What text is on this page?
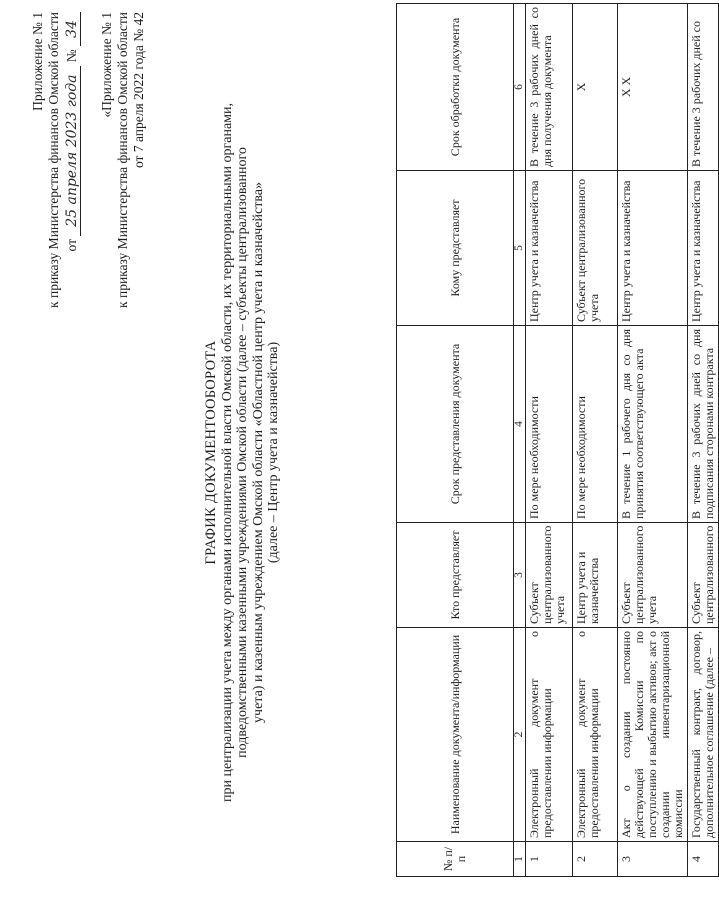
Приложение № 1 к приказу Министерства финансов Омской области от 25 апреля 2023 года № 34 «Приложение № 1 к приказу Министерства финансов Омской области от 7 апреля 2022 года № 42
ГРАФИК ДОКУМЕНТООБОРОТА при централизации учета между органами исполнительной власти Омской области, их территориальными органами, подведомственными казенными учреждениями Омской области (далее – субъекты централизованного учета) и казенным учреждением Омской области «Областной центр учета и казначейства» (далее – Центр учета и казначейства)
№ п/п	Наименование документа/информации	Кто представляет	Срок представления документа	Кому представляет	Срок обработки документа
1	2	3	4	5	6
1	Электронный документ о предоставлении информации	Субъект централизованного учета	По мере необходимости	Центр учета и казначейства	В течение 3 рабочих дней со дня получения документа
2	Электронный документ о предоставлении информации	Центр учета и казначейства	По мере необходимости	Субъект централизованного учета	Х
3	Акт о создании постоянно действующей Комиссии по поступлению и выбытию активов; акт о создании инвентаризационной комиссии	Субъект централизованного учета	В течение 1 рабочего дня со дня принятия соответствующего акта	Центр учета и казначейства	Х Х
4	Государственный контракт, договор, дополнительное соглашение (далее –	Субъект централизованного	В течение 3 рабочих дней со дня подписания сторонами контракта	Центр учета и казначейства	В течение 3 рабочих дней со
